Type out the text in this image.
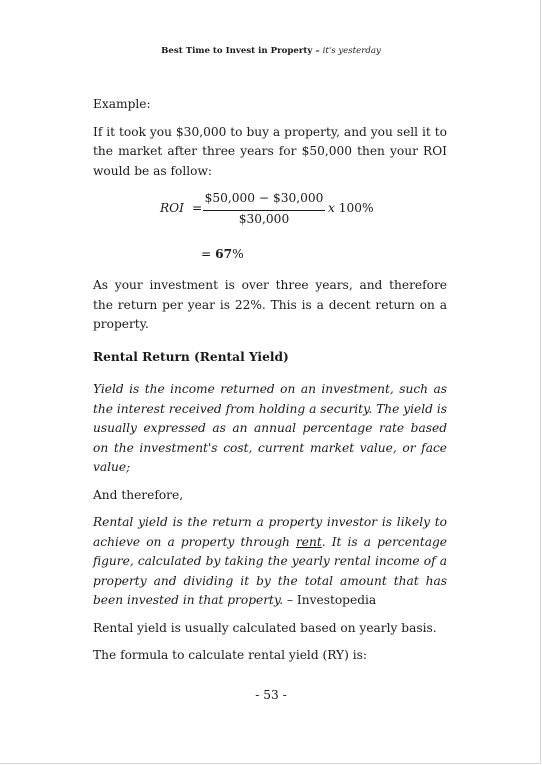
Best Time to Invest in Property – it's yesterday

Example:

If it took you $30,000 to buy a property, and you sell it to the market after three years for $50,000 then your ROI would be as follow:

ROI =
$50,000 − $30,000
$30,000
x 100%
= 67%

As your investment is over three years, and therefore the return per year is 22%. This is a decent return on a property.

Rental Return (Rental Yield)

Yield is the income returned on an investment, such as the interest received from holding a security. The yield is usually expressed as an annual percentage rate based on the investment's cost, current market value, or face value;

And therefore,

Rental yield is the return a property investor is likely to achieve on a property through rent. It is a percentage figure, calculated by taking the yearly rental income of a property and dividing it by the total amount that has been invested in that property. – Investopedia

Rental yield is usually calculated based on yearly basis.

The formula to calculate rental yield (RY) is:

- 53 -
